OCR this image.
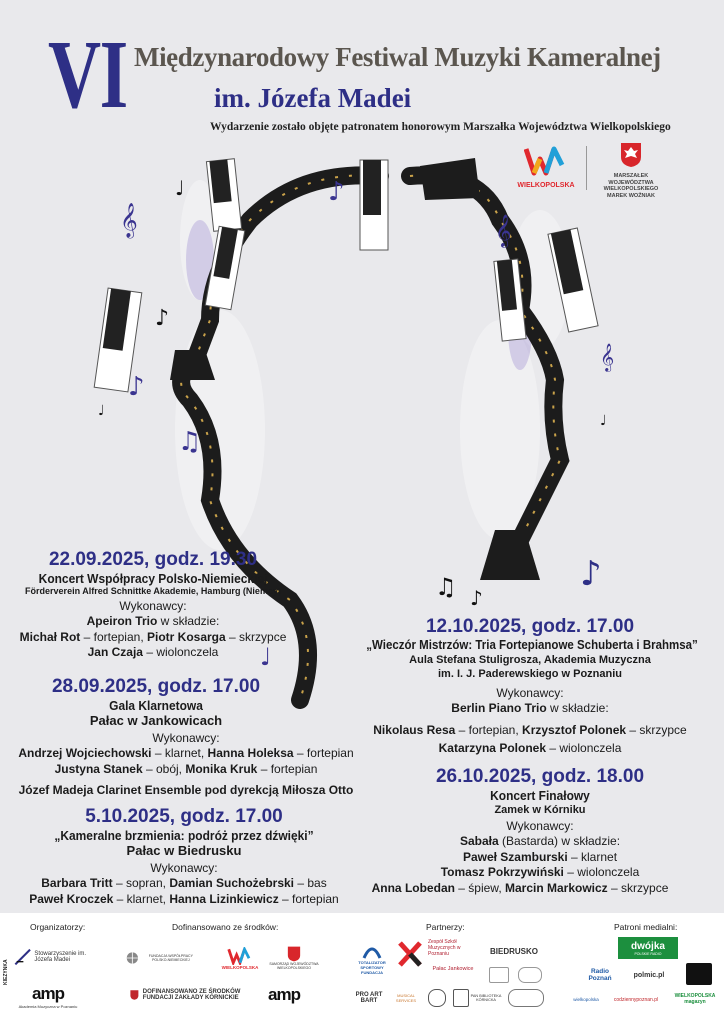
VI Międzynarodowy Festiwal Muzyki Kameralnej
im. Józefa Madei
Wydarzenie zostało objęte patronatem honorowym Marszałka Województwa Wielkopolskiego
WIELKOPOLSKA
MARSZAŁEK
WOJEWÓDZTWA
WIELKOPOLSKIEGO
MAREK WOŹNIAK
𝄞
♪
♪
♪
♫
𝄞
♪
♫ ♪
♩
♩
♩
♩
𝄞
22.09.2025, godz. 19.30
Koncert Współpracy Polsko-Niemieckiej
Förderverein Alfred Schnittke Akademie, Hamburg (Niemcy)
Wykonawcy:
Apeiron Trio w składzie:
Michał Rot – fortepian, Piotr Kosarga – skrzypce
Jan Czaja – wiolonczela
28.09.2025, godz. 17.00
Gala Klarnetowa
Pałac w Jankowicach
Wykonawcy:
Andrzej Wojciechowski – klarnet, Hanna Holeksa – fortepian
Justyna Stanek – obój, Monika Kruk – fortepian
Józef Madeja Clarinet Ensemble pod dyrekcją Miłosza Otto
5.10.2025, godz. 17.00
„Kameralne brzmienia: podróż przez dźwięki”
Pałac w Biedrusku
Wykonawcy:
Barbara Tritt – sopran, Damian Suchożebrski – bas
Paweł Kroczek – klarnet, Hanna Lizinkiewicz – fortepian
12.10.2025, godz. 17.00
„Wieczór Mistrzów: Tria Fortepianowe Schuberta i Brahmsa”
Aula Stefana Stuligrosza, Akademia Muzyczna
im. I. J. Paderewskiego w Poznaniu
Wykonawcy:
Berlin Piano Trio w składzie:
Nikolaus Resa – fortepian, Krzysztof Polonek – skrzypce
Katarzyna Polonek – wiolonczela
26.10.2025, godz. 18.00
Koncert Finałowy
Zamek w Kórniku
Wykonawcy:
Sabała (Bastarda) w składzie:
Paweł Szamburski – klarnet
Tomasz Pokrzywiński – wiolonczela
Anna Lobedan – śpiew, Marcin Markowicz – skrzypce
Organizatorzy:	Dofinansowano ze środków:	Partnerzy:	Patroni medialni:
Stowarzyszenie im. Józefa Madei
amp
Akademia Muzyczna w Poznaniu
FUNDACJA WSPÓŁPRACY POLSKO-NIEMIECKIEJ
WIELKOPOLSKA
SAMORZĄD WOJEWÓDZTWA WIELKOPOLSKIEGO
DOFINANSOWANO ZE ŚRODKÓW FUNDACJI ZAKŁADY KÓRNICKIE	amp
TOTALIZATOR SPORTOWY FUNDACJA
Zespół Szkół Muzycznych w Poznaniu	BIEDRUSKO
Pałac Jankowice
PRO ART BART
MUSICAL SERVICES
PAN BIBLIOTEKA KÓRNICKA
dwójka
POLSKIE RADIO
Radio Poznań	polmic.pl
wielkopolska	codziennypoznan.pl
WIELKOPOLSKA magazyn
KIEZYNKA
